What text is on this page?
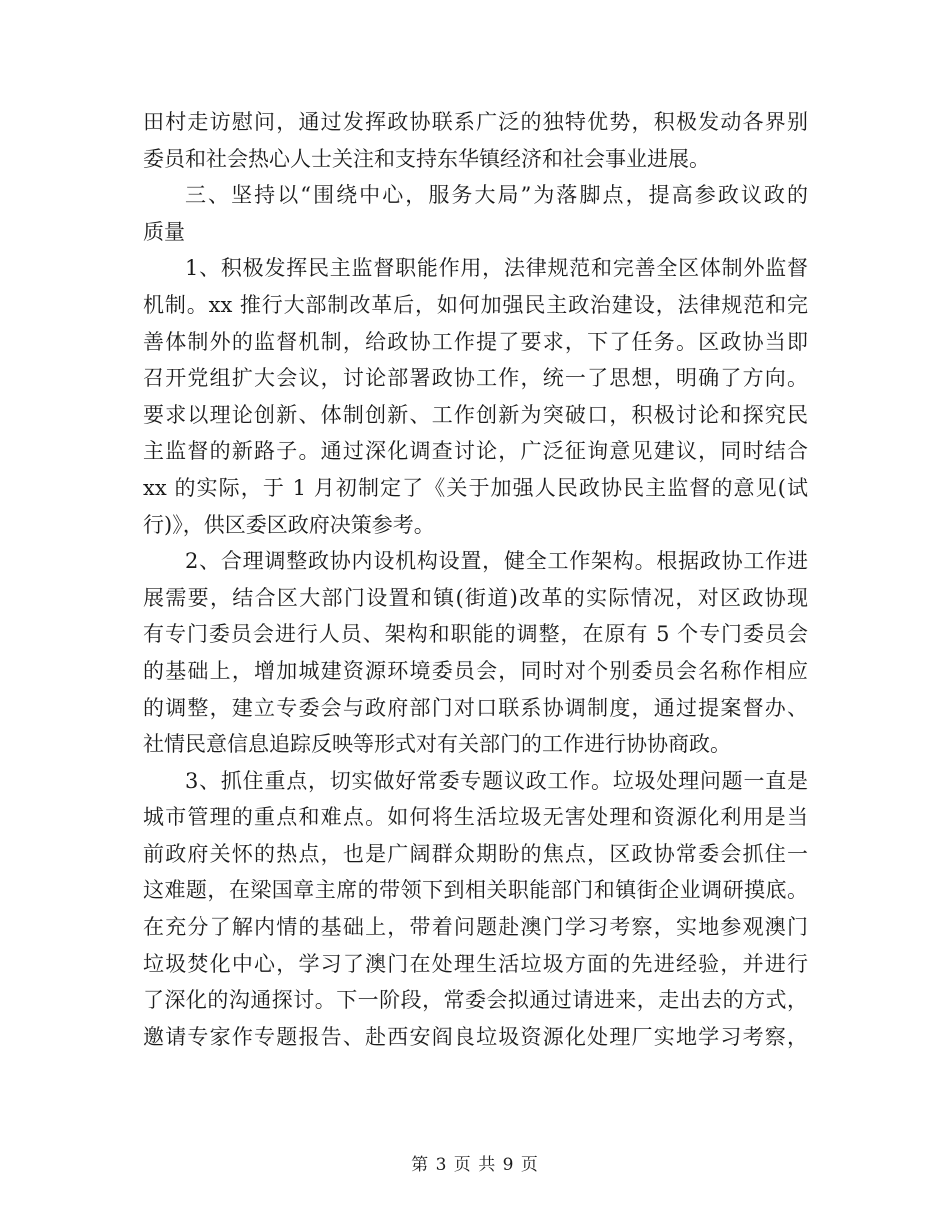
田村走访慰问，通过发挥政协联系广泛的独特优势，积极发动各界别
委员和社会热心人士关注和支持东华镇经济和社会事业进展。
三、坚持以“围绕中心，服务大局”为落脚点，提高参政议政的
质量
1、积极发挥民主监督职能作用，法律规范和完善全区体制外监督
机制。xx 推行大部制改革后，如何加强民主政治建设，法律规范和完
善体制外的监督机制，给政协工作提了要求，下了任务。区政协当即
召开党组扩大会议，讨论部署政协工作，统一了思想，明确了方向。
要求以理论创新、体制创新、工作创新为突破口，积极讨论和探究民
主监督的新路子。通过深化调查讨论，广泛征询意见建议，同时结合
xx 的实际，于 1 月初制定了《关于加强人民政协民主监督的意见(试
行)》，供区委区政府决策参考。
2、合理调整政协内设机构设置，健全工作架构。根据政协工作进
展需要，结合区大部门设置和镇(街道)改革的实际情况，对区政协现
有专门委员会进行人员、架构和职能的调整，在原有 5 个专门委员会
的基础上，增加城建资源环境委员会，同时对个别委员会名称作相应
的调整，建立专委会与政府部门对口联系协调制度，通过提案督办、
社情民意信息追踪反映等形式对有关部门的工作进行协协商政。
3、抓住重点，切实做好常委专题议政工作。垃圾处理问题一直是
城市管理的重点和难点。如何将生活垃圾无害处理和资源化利用是当
前政府关怀的热点，也是广阔群众期盼的焦点，区政协常委会抓住一
这难题，在梁国章主席的带领下到相关职能部门和镇街企业调研摸底。
在充分了解内情的基础上，带着问题赴澳门学习考察，实地参观澳门
垃圾焚化中心，学习了澳门在处理生活垃圾方面的先进经验，并进行
了深化的沟通探讨。下一阶段，常委会拟通过请进来，走出去的方式，
邀请专家作专题报告、赴西安阎良垃圾资源化处理厂实地学习考察，
第 3 页 共 9 页
